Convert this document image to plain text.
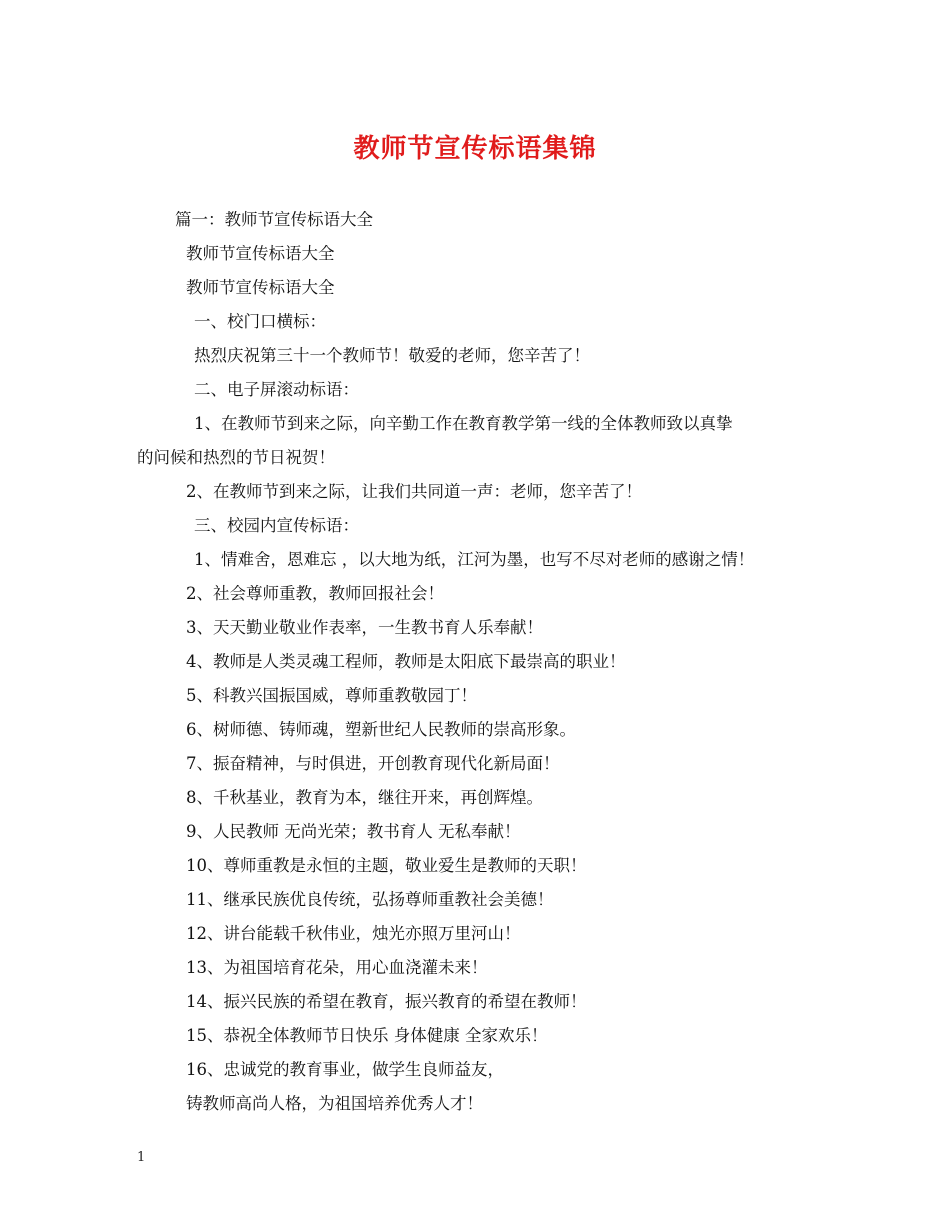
教师节宣传标语集锦
篇一：教师节宣传标语大全
教师节宣传标语大全
教师节宣传标语大全
一、校门口横标：
热烈庆祝第三十一个教师节！敬爱的老师，您辛苦了！
二、电子屏滚动标语：
1、在教师节到来之际，向辛勤工作在教育教学第一线的全体教师致以真挚
的问候和热烈的节日祝贺！
2、在教师节到来之际，让我们共同道一声：老师，您辛苦了！
三、校园内宣传标语：
1、情难舍，恩难忘 ，以大地为纸，江河为墨，也写不尽对老师的感谢之情！
2、社会尊师重教，教师回报社会！
3、天天勤业敬业作表率，一生教书育人乐奉献！
4、教师是人类灵魂工程师，教师是太阳底下最崇高的职业！
5、科教兴国振国威，尊师重教敬园丁！
6、树师德、铸师魂，塑新世纪人民教师的崇高形象。
7、振奋精神，与时俱进，开创教育现代化新局面！
8、千秋基业，教育为本，继往开来，再创辉煌。
9、人民教师 无尚光荣；教书育人 无私奉献！
10、尊师重教是永恒的主题，敬业爱生是教师的天职！
11、继承民族优良传统，弘扬尊师重教社会美德！
12、讲台能载千秋伟业，烛光亦照万里河山！
13、为祖国培育花朵，用心血浇灌未来！
14、振兴民族的希望在教育，振兴教育的希望在教师！
15、恭祝全体教师节日快乐 身体健康 全家欢乐！
16、忠诚党的教育事业，做学生良师益友，
铸教师高尚人格，为祖国培养优秀人才！
1
